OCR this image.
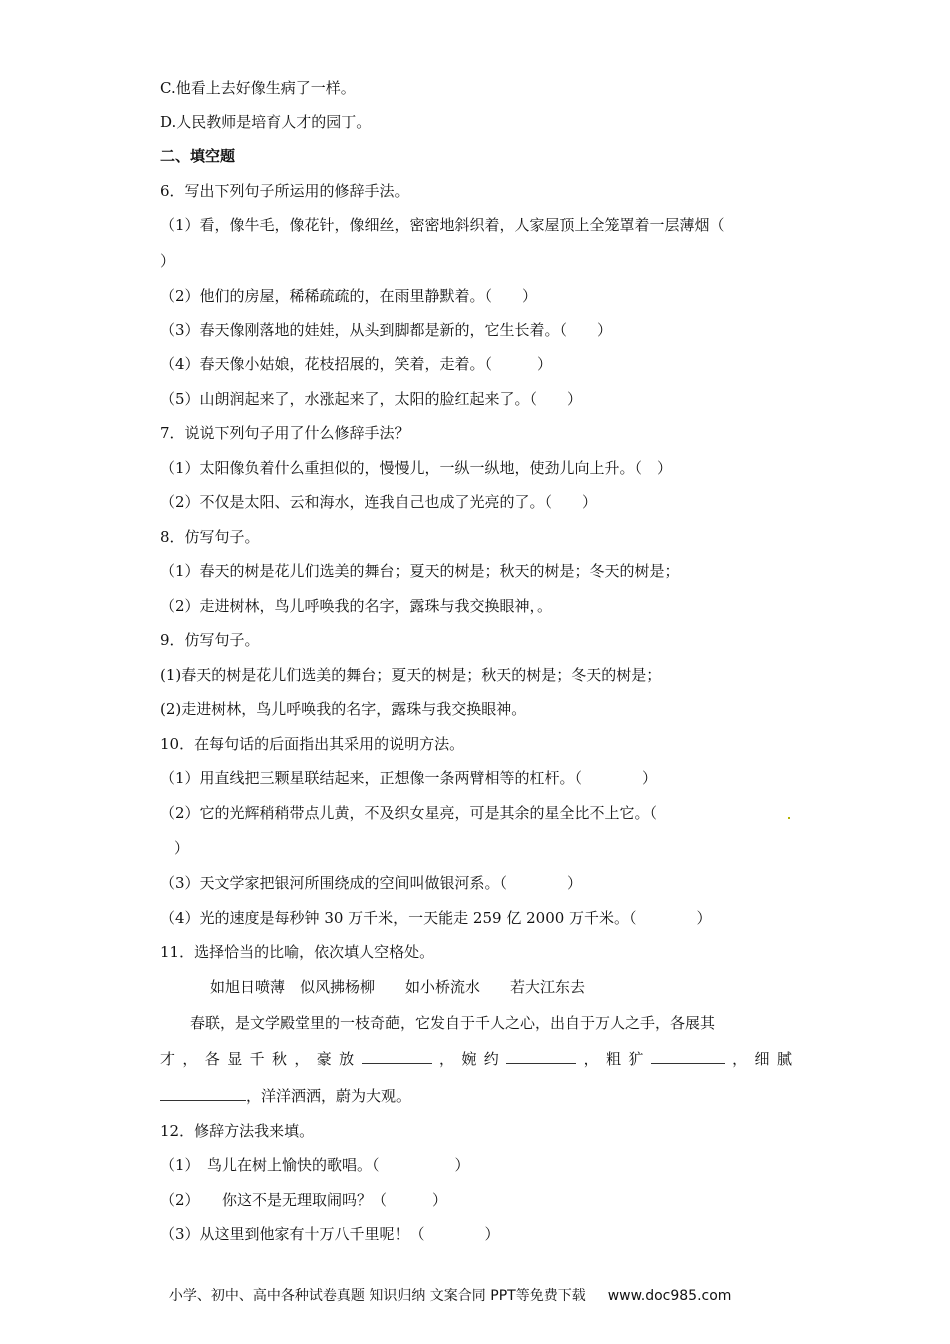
C.他看上去好像生病了一样。
D.人民教师是培育人才的园丁。
二、填空题
6．写出下列句子所运用的修辞手法。
（1）看，像牛毛，像花针，像细丝，密密地斜织着，人家屋顶上全笼罩着一层薄烟（
）
（2）他们的房屋，稀稀疏疏的，在雨里静默着。（　　）
（3）春天像刚落地的娃娃，从头到脚都是新的，它生长着。（　　）
（4）春天像小姑娘，花枝招展的，笑着，走着。（　　　）
（5）山朗润起来了，水涨起来了，太阳的脸红起来了。（　　）
7．说说下列句子用了什么修辞手法？
（1）太阳像负着什么重担似的，慢慢儿，一纵一纵地，使劲儿向上升。（　）
（2）不仅是太阳、云和海水，连我自己也成了光亮的了。（　　）
8．仿写句子。
（1）春天的树是花儿们选美的舞台；夏天的树是；秋天的树是；冬天的树是；
（2）走进树林，鸟儿呼唤我的名字，露珠与我交换眼神，。
9．仿写句子。
(1)春天的树是花儿们选美的舞台；夏天的树是；秋天的树是；冬天的树是；
(2)走进树林，鸟儿呼唤我的名字，露珠与我交换眼神。
10．在每句话的后面指出其采用的说明方法。
（1）用直线把三颗星联结起来，正想像一条两臂相等的杠杆。（　　　　）
（2）它的光辉稍稍带点儿黄，不及织女星亮，可是其余的星全比不上它。（
）
（3）天文学家把银河所围绕成的空间叫做银河系。（　　　　）
（4）光的速度是每秒钟 30 万千米，一天能走 259 亿 2000 万千米。（　　　　）
11．选择恰当的比喻，依次填人空格处。
如旭日喷薄　似风拂杨柳　　如小桥流水　　若大江东去
春联，是文学殿堂里的一枝奇葩，它发自于千人之心，出自于万人之手，各展其
才，各显千秋，豪放	，婉约	，粗犷	，细腻
，洋洋洒洒，蔚为大观。
12．修辞方法我来填。
（1）　鸟儿在树上愉快的歌唱。（　　　　　）
（2）　　你这不是无理取闹吗？（　　　）
（3）从这里到他家有十万八千里呢！（　　　　）

小学、初中、高中各种试卷真题 知识归纳 文案合同 PPT等免费下载 www.doc985.com
